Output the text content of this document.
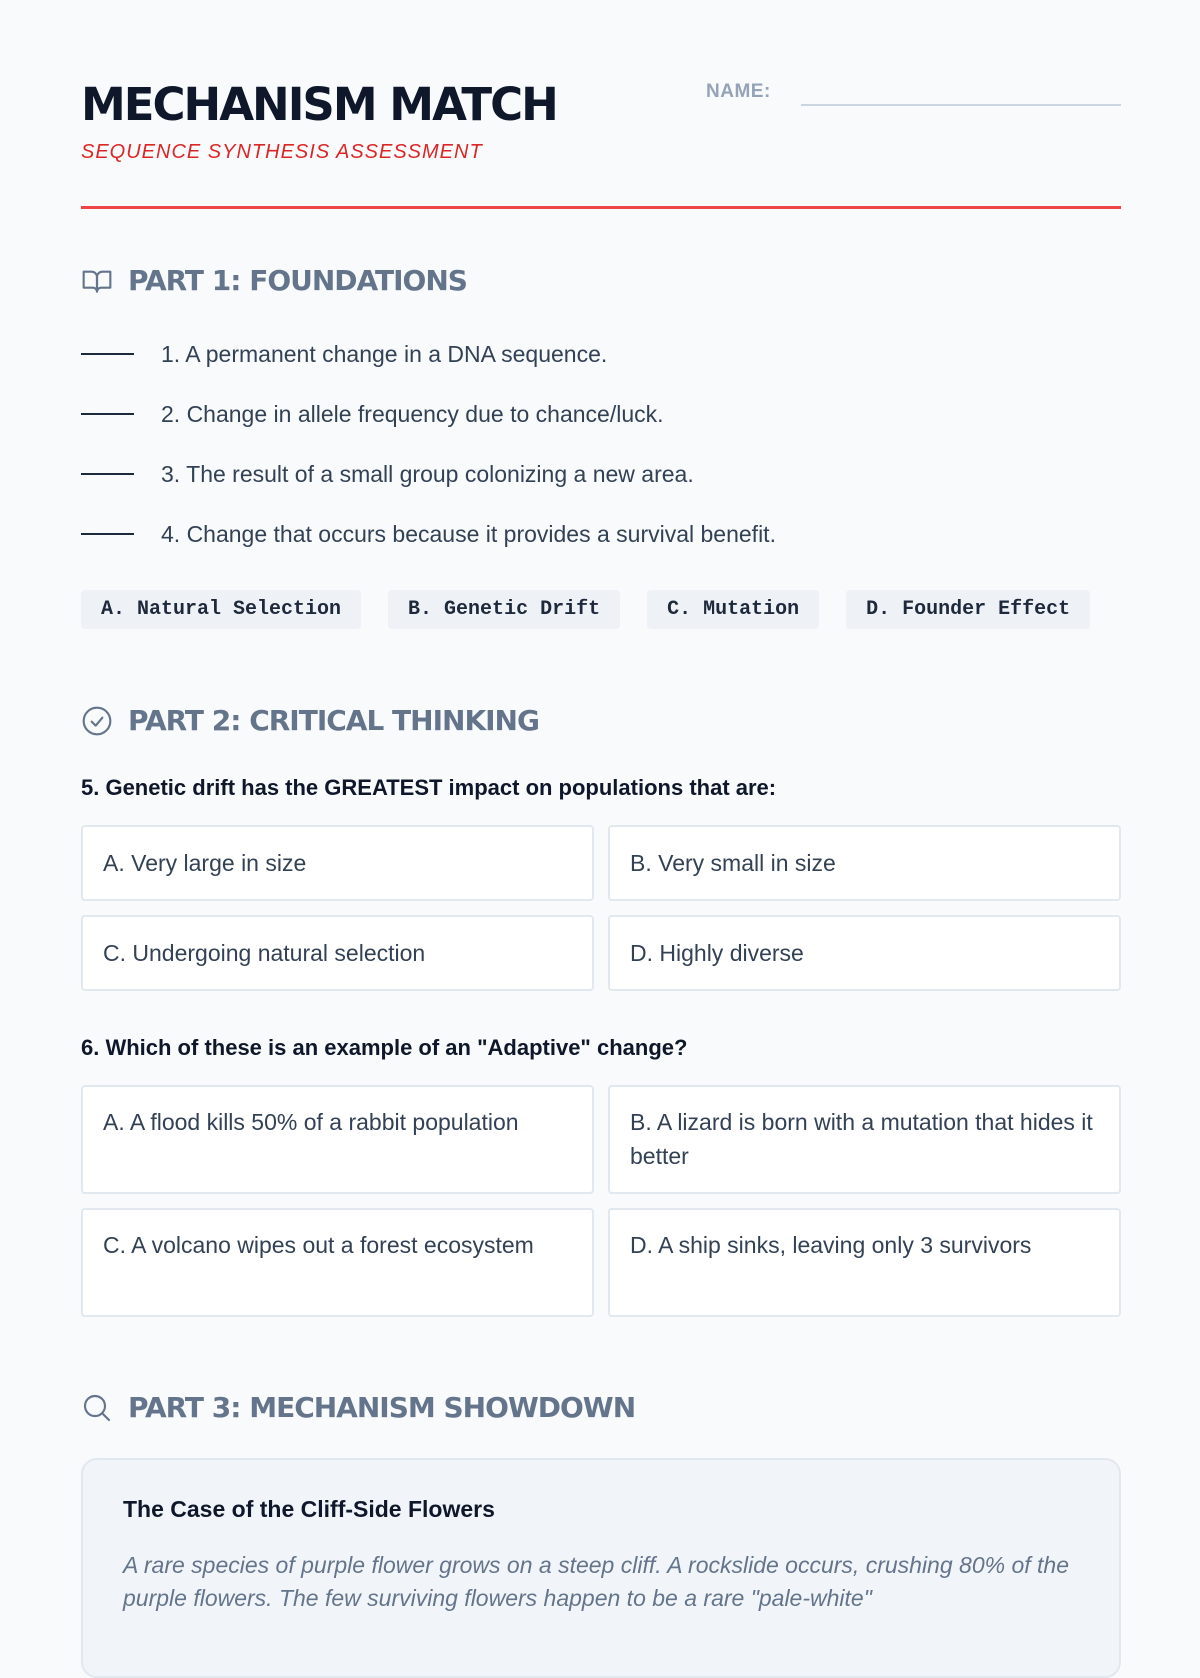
MECHANISM MATCH
SEQUENCE SYNTHESIS ASSESSMENT
NAME:
PART 1: FOUNDATIONS
1. A permanent change in a DNA sequence.
2. Change in allele frequency due to chance/luck.
3. The result of a small group colonizing a new area.
4. Change that occurs because it provides a survival benefit.
A. Natural Selection	B. Genetic Drift	C. Mutation	D. Founder Effect
PART 2: CRITICAL THINKING
5. Genetic drift has the GREATEST impact on populations that are:
A. Very large in size	B. Very small in size
C. Undergoing natural selection	D. Highly diverse
6. Which of these is an example of an "Adaptive" change?
A. A flood kills 50% of a rabbit population	B. A lizard is born with a mutation that hides it better
C. A volcano wipes out a forest ecosystem	D. A ship sinks, leaving only 3 survivors
PART 3: MECHANISM SHOWDOWN
The Case of the Cliff-Side Flowers
A rare species of purple flower grows on a steep cliff. A rockslide occurs, crushing 80% of the purple flowers. The few surviving flowers happen to be a rare "pale-white"
